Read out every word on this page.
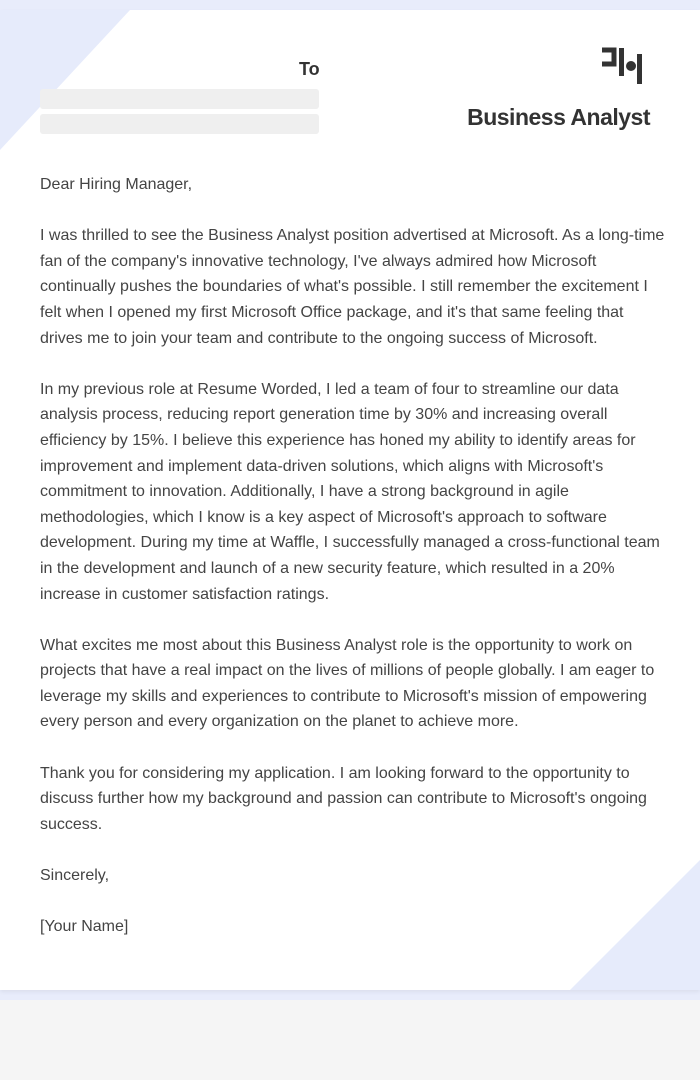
To
Business Analyst

Dear Hiring Manager,

I was thrilled to see the Business Analyst position advertised at Microsoft. As a long-time fan of the company's innovative technology, I've always admired how Microsoft continually pushes the boundaries of what's possible. I still remember the excitement I felt when I opened my first Microsoft Office package, and it's that same feeling that drives me to join your team and contribute to the ongoing success of Microsoft.

In my previous role at Resume Worded, I led a team of four to streamline our data analysis process, reducing report generation time by 30% and increasing overall efficiency by 15%. I believe this experience has honed my ability to identify areas for improvement and implement data-driven solutions, which aligns with Microsoft's commitment to innovation. Additionally, I have a strong background in agile methodologies, which I know is a key aspect of Microsoft's approach to software development. During my time at Waffle, I successfully managed a cross-functional team in the development and launch of a new security feature, which resulted in a 20% increase in customer satisfaction ratings.

What excites me most about this Business Analyst role is the opportunity to work on projects that have a real impact on the lives of millions of people globally. I am eager to leverage my skills and experiences to contribute to Microsoft's mission of empowering every person and every organization on the planet to achieve more.

Thank you for considering my application. I am looking forward to the opportunity to discuss further how my background and passion can contribute to Microsoft's ongoing success.

Sincerely,

[Your Name]
